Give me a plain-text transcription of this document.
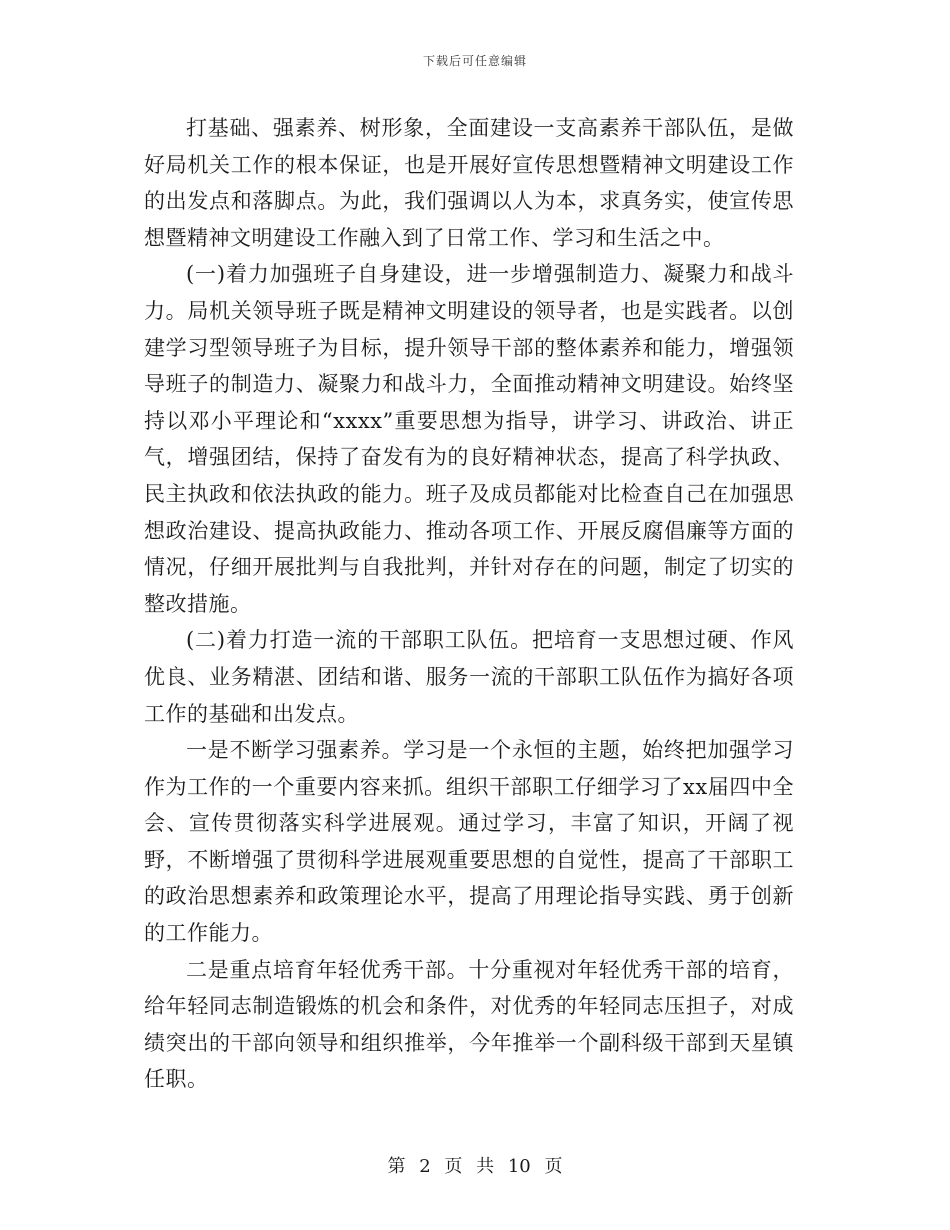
下载后可任意编辑

打基础、强素养、树形象，全面建设一支高素养干部队伍，是做好局机关工作的根本保证，也是开展好宣传思想暨精神文明建设工作的出发点和落脚点。为此，我们强调以人为本，求真务实，使宣传思想暨精神文明建设工作融入到了日常工作、学习和生活之中。

(一)着力加强班子自身建设，进一步增强制造力、凝聚力和战斗力。局机关领导班子既是精神文明建设的领导者，也是实践者。以创建学习型领导班子为目标，提升领导干部的整体素养和能力，增强领导班子的制造力、凝聚力和战斗力，全面推动精神文明建设。始终坚持以邓小平理论和“xxxx”重要思想为指导，讲学习、讲政治、讲正气，增强团结，保持了奋发有为的良好精神状态，提高了科学执政、民主执政和依法执政的能力。班子及成员都能对比检查自己在加强思想政治建设、提高执政能力、推动各项工作、开展反腐倡廉等方面的情况，仔细开展批判与自我批判，并针对存在的问题，制定了切实的整改措施。

(二)着力打造一流的干部职工队伍。把培育一支思想过硬、作风优良、业务精湛、团结和谐、服务一流的干部职工队伍作为搞好各项工作的基础和出发点。

一是不断学习强素养。学习是一个永恒的主题，始终把加强学习作为工作的一个重要内容来抓。组织干部职工仔细学习了xx届四中全会、宣传贯彻落实科学进展观。通过学习，丰富了知识，开阔了视野，不断增强了贯彻科学进展观重要思想的自觉性，提高了干部职工的政治思想素养和政策理论水平，提高了用理论指导实践、勇于创新的工作能力。

二是重点培育年轻优秀干部。十分重视对年轻优秀干部的培育，给年轻同志制造锻炼的机会和条件，对优秀的年轻同志压担子，对成绩突出的干部向领导和组织推举，今年推举一个副科级干部到天星镇任职。

第 2 页 共 10 页
